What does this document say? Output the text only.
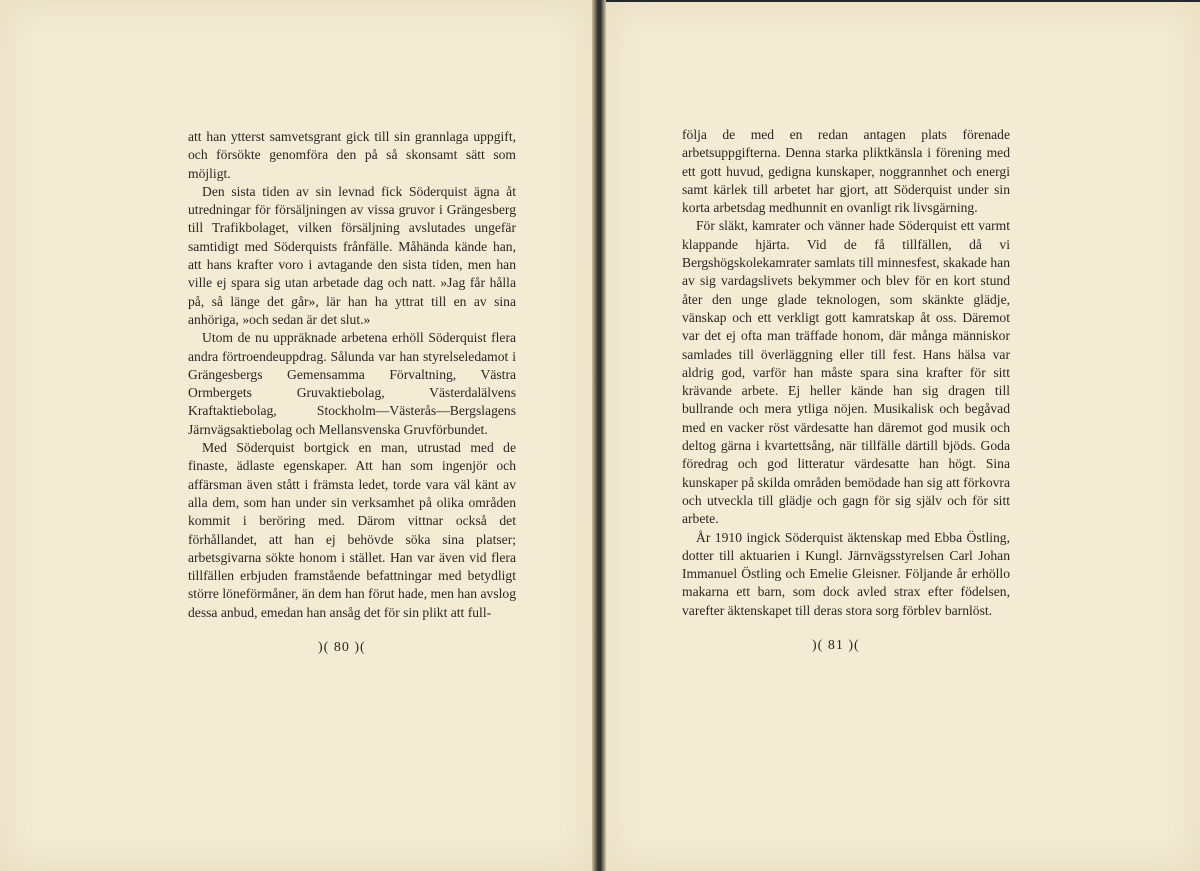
att han ytterst samvetsgrant gick till sin grannlaga uppgift, och försökte genomföra den på så skonsamt sätt som möjligt.

Den sista tiden av sin levnad fick Söderquist ägna åt utredningar för försäljningen av vissa gruvor i Grängesberg till Trafikbolaget, vilken försäljning avslutades ungefär samtidigt med Söderquists frånfälle. Måhända kände han, att hans krafter voro i avtagande den sista tiden, men han ville ej spara sig utan arbetade dag och natt. »Jag får hålla på, så länge det går», lär han ha yttrat till en av sina anhöriga, »och sedan är det slut.»

Utom de nu uppräknade arbetena erhöll Söderquist flera andra förtroendeuppdrag. Sålunda var han styrelseledamot i Grängesbergs Gemensamma Förvaltning, Västra Ormbergets Gruvaktiebolag, Västerdalälvens Kraftaktiebolag, Stockholm—Västerås—Bergslagens Järnvägsaktiebolag och Mellansvenska Gruvförbundet.

Med Söderquist bortgick en man, utrustad med de finaste, ädlaste egenskaper. Att han som ingenjör och affärsman även stått i främsta ledet, torde vara väl känt av alla dem, som han under sin verksamhet på olika områden kommit i beröring med. Därom vittnar också det förhållandet, att han ej behövde söka sina platser; arbetsgivarna sökte honom i stället. Han var även vid flera tillfällen erbjuden framstående befattningar med betydligt större löneförmåner, än dem han förut hade, men han avslog dessa anbud, emedan han ansåg det för sin plikt att full-

)( 80 )(

följa de med en redan antagen plats förenade arbetsuppgifterna. Denna starka pliktkänsla i förening med ett gott huvud, gedigna kunskaper, noggrannhet och energi samt kärlek till arbetet har gjort, att Söderquist under sin korta arbetsdag medhunnit en ovanligt rik livsgärning.

För släkt, kamrater och vänner hade Söderquist ett varmt klappande hjärta. Vid de få tillfällen, då vi Bergshögskolekamrater samlats till minnesfest, skakade han av sig vardagslivets bekymmer och blev för en kort stund åter den unge glade teknologen, som skänkte glädje, vänskap och ett verkligt gott kamratskap åt oss. Däremot var det ej ofta man träffade honom, där många människor samlades till överläggning eller till fest. Hans hälsa var aldrig god, varför han måste spara sina krafter för sitt krävande arbete. Ej heller kände han sig dragen till bullrande och mera ytliga nöjen. Musikalisk och begåvad med en vacker röst värdesatte han däremot god musik och deltog gärna i kvartettsång, när tillfälle därtill bjöds. Goda föredrag och god litteratur värdesatte han högt. Sina kunskaper på skilda områden bemödade han sig att förkovra och utveckla till glädje och gagn för sig själv och för sitt arbete.

År 1910 ingick Söderquist äktenskap med Ebba Östling, dotter till aktuarien i Kungl. Järnvägsstyrelsen Carl Johan Immanuel Östling och Emelie Gleisner. Följande år erhöllo makarna ett barn, som dock avled strax efter födelsen, varefter äktenskapet till deras stora sorg förblev barnlöst.

)( 81 )(
